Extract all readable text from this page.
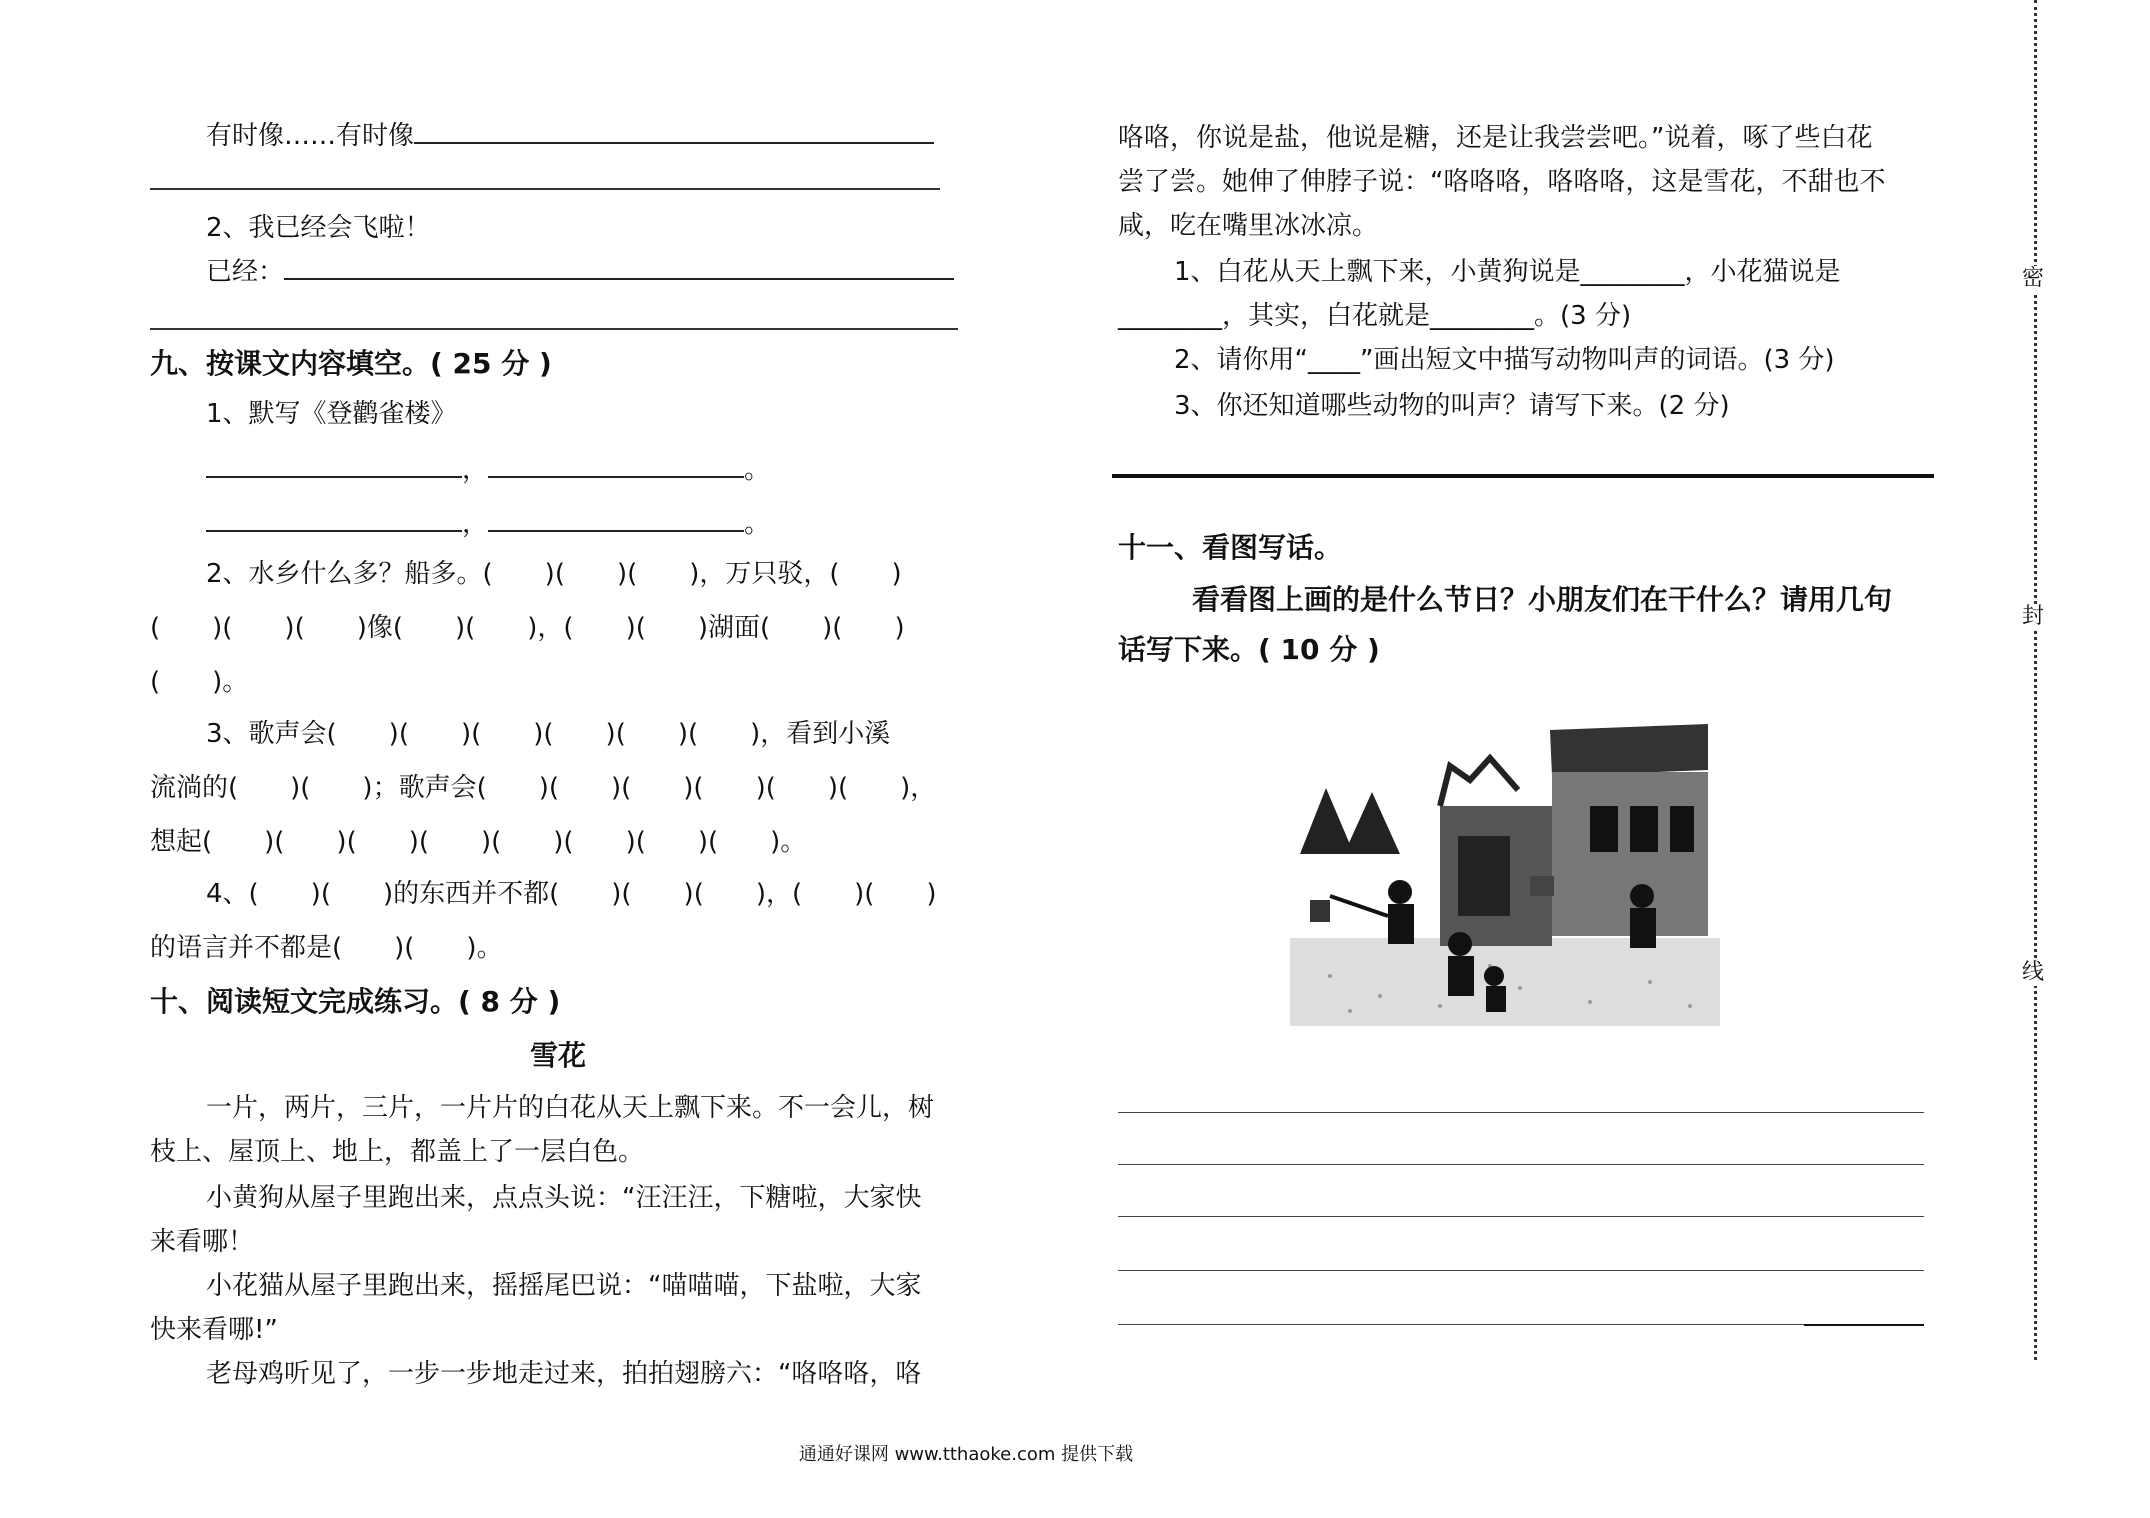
有时像……有时像
2、我已经会飞啦！
已经：
九、按课文内容填空。( 25 分 )
1、默写《登鹳雀楼》
，	。
，	。
2、水乡什么多？船多。(　　)(　　)(　　)，万只驳，(　　)
(　　)(　　)(　　)像(　　)(　　)，(　　)(　　)湖面(　　)(　　)
(　　)。
3、歌声会(　　)(　　)(　　)(　　)(　　)(　　)，看到小溪
流淌的(　　)(　　)；歌声会(　　)(　　)(　　)(　　)(　　)(　　)，
想起(　　)(　　)(　　)(　　)(　　)(　　)(　　)(　　)。
4、(　　)(　　)的东西并不都(　　)(　　)(　　)，(　　)(　　)
的语言并不都是(　　)(　　)。
十、阅读短文完成练习。( 8 分 )
雪花
一片，两片，三片，一片片的白花从天上飘下来。不一会儿，树
枝上、屋顶上、地上，都盖上了一层白色。
小黄狗从屋子里跑出来，点点头说：“汪汪汪，下糖啦，大家快
来看哪！
小花猫从屋子里跑出来，摇摇尾巴说：“喵喵喵，下盐啦，大家
快来看哪!”
老母鸡听见了，一步一步地走过来，拍拍翅膀六：“咯咯咯，咯
咯咯，你说是盐，他说是糖，还是让我尝尝吧。”说着，啄了些白花
尝了尝。她伸了伸脖子说：“咯咯咯，咯咯咯，这是雪花，不甜也不
咸，吃在嘴里冰冰凉。
1、白花从天上飘下来，小黄狗说是________，小花猫说是
________，其实，白花就是________。(3 分)
2、请你用“____”画出短文中描写动物叫声的词语。(3 分)
3、你还知道哪些动物的叫声？请写下来。(2 分)
十一、看图写话。
看看图上画的是什么节日？小朋友们在干什么？请用几句
话写下来。( 10 分 )
密
封
线
通通好课网 www.tthaoke.com 提供下载
